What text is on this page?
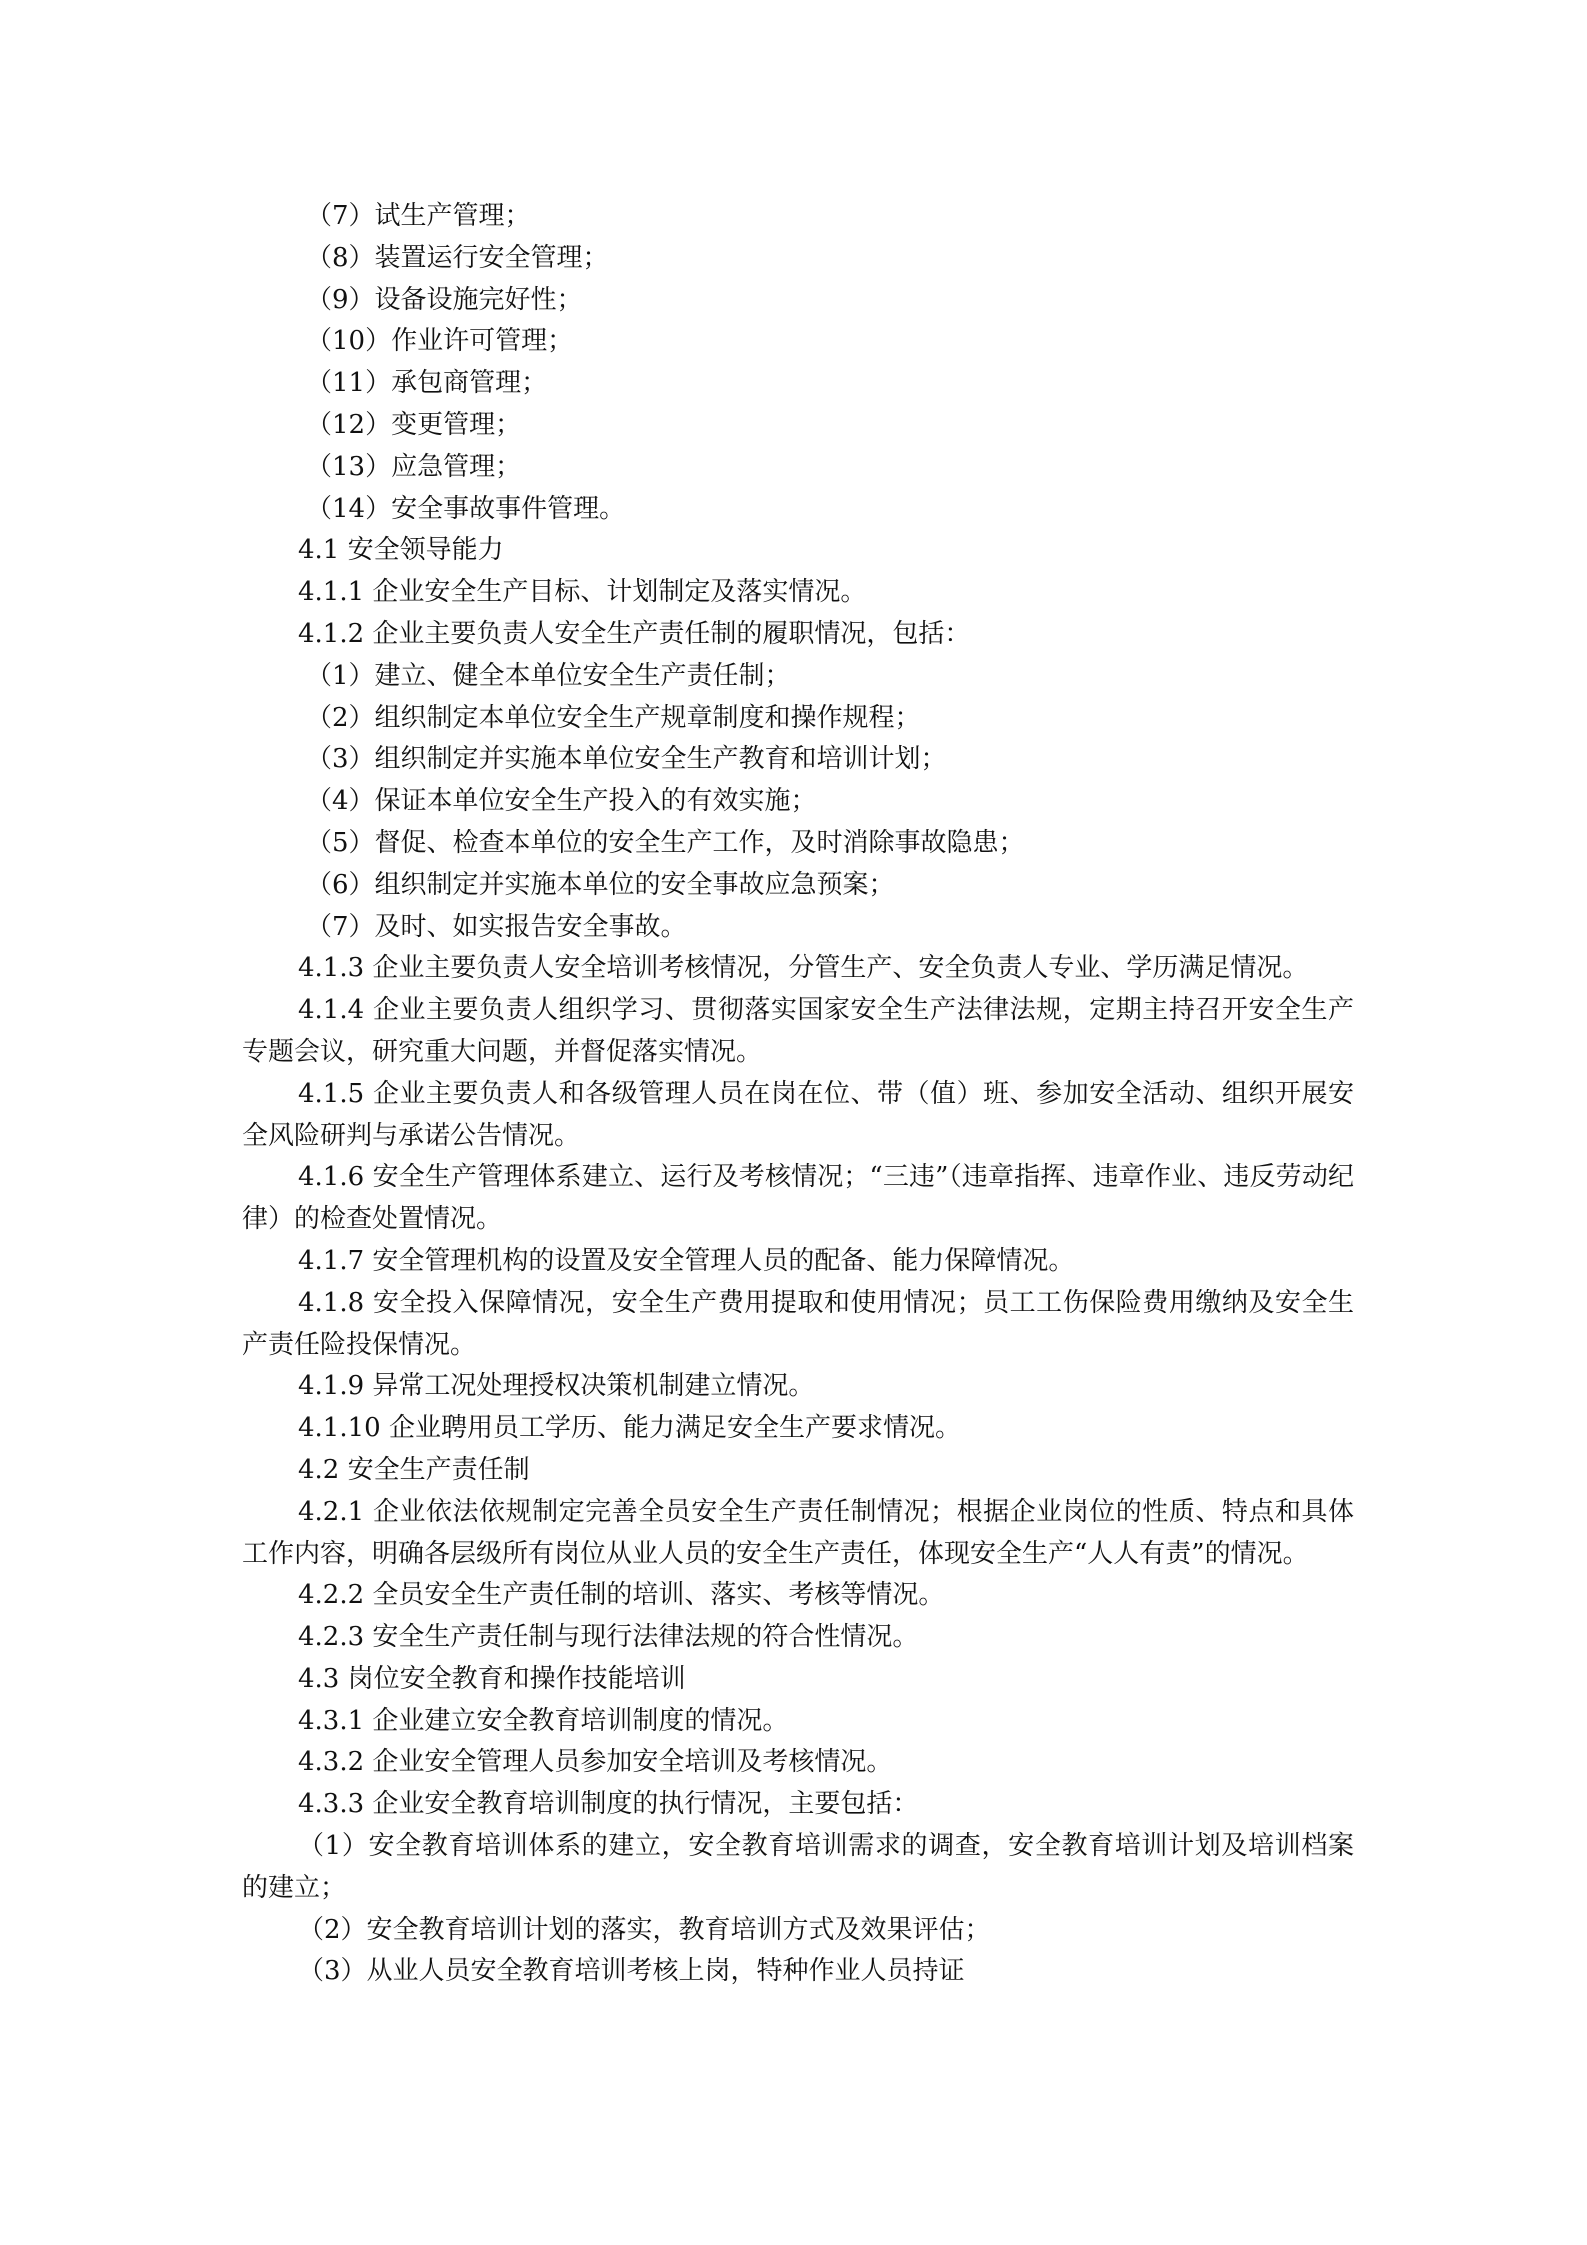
（7）试生产管理；

（8）装置运行安全管理；

（9）设备设施完好性；

（10）作业许可管理；

（11）承包商管理；

（12）变更管理；

（13）应急管理；

（14）安全事故事件管理。

4.1 安全领导能力

4.1.1 企业安全生产目标、计划制定及落实情况。

4.1.2 企业主要负责人安全生产责任制的履职情况，包括：

（1）建立、健全本单位安全生产责任制；

（2）组织制定本单位安全生产规章制度和操作规程；

（3）组织制定并实施本单位安全生产教育和培训计划；

（4）保证本单位安全生产投入的有效实施；

（5）督促、检查本单位的安全生产工作，及时消除事故隐患；

（6）组织制定并实施本单位的安全事故应急预案；

（7）及时、如实报告安全事故。

4.1.3 企业主要负责人安全培训考核情况，分管生产、安全负责人专业、学历满足情况。

4.1.4 企业主要负责人组织学习、贯彻落实国家安全生产法律法规，定期主持召开安全生产专题会议，研究重大问题，并督促落实情况。

4.1.5 企业主要负责人和各级管理人员在岗在位、带（值）班、参加安全活动、组织开展安全风险研判与承诺公告情况。

4.1.6 安全生产管理体系建立、运行及考核情况；“三违”（违章指挥、违章作业、违反劳动纪律）的检查处置情况。

4.1.7 安全管理机构的设置及安全管理人员的配备、能力保障情况。

4.1.8 安全投入保障情况，安全生产费用提取和使用情况；员工工伤保险费用缴纳及安全生产责任险投保情况。

4.1.9 异常工况处理授权决策机制建立情况。

4.1.10 企业聘用员工学历、能力满足安全生产要求情况。

4.2 安全生产责任制

4.2.1 企业依法依规制定完善全员安全生产责任制情况；根据企业岗位的性质、特点和具体工作内容，明确各层级所有岗位从业人员的安全生产责任，体现安全生产“人人有责”的情况。

4.2.2 全员安全生产责任制的培训、落实、考核等情况。

4.2.3 安全生产责任制与现行法律法规的符合性情况。

4.3 岗位安全教育和操作技能培训

4.3.1 企业建立安全教育培训制度的情况。

4.3.2 企业安全管理人员参加安全培训及考核情况。

4.3.3 企业安全教育培训制度的执行情况，主要包括：

（1）安全教育培训体系的建立，安全教育培训需求的调查，安全教育培训计划及培训档案的建立；

（2）安全教育培训计划的落实，教育培训方式及效果评估；

（3）从业人员安全教育培训考核上岗，特种作业人员持证
